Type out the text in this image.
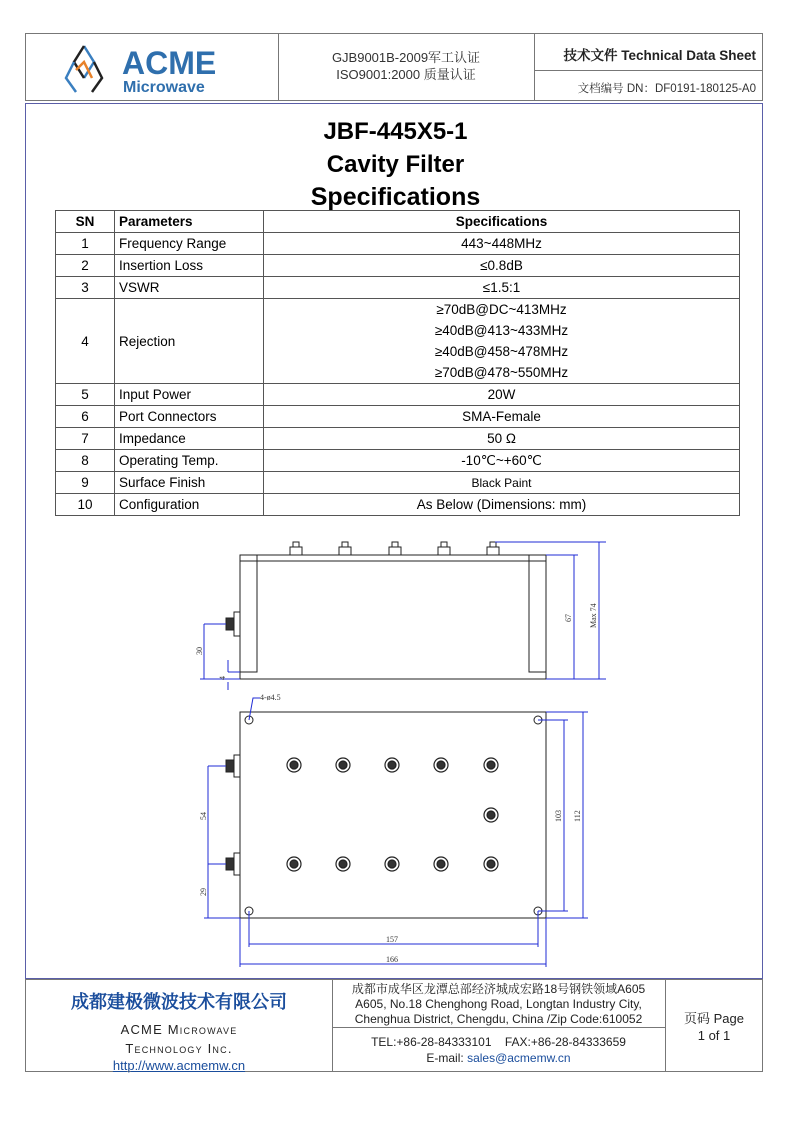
ACME
Microwave
GJB9001B-2009军工认证
ISO9001:2000 质量认证
技术文件 Technical Data Sheet
文档编号 DN：DF0191-180125-A0
JBF-445X5-1
Cavity Filter
Specifications
SN	Parameters	Specifications
1	Frequency Range	443~448MHz
2	Insertion Loss	≤0.8dB
3	VSWR	≤1.5:1
4	Rejection	≥70dB@DC~413MHz
≥40dB@413~433MHz
≥40dB@458~478MHz
≥70dB@478~550MHz

5	Input Power	20W
6	Port Connectors	SMA-Female
7	Impedance	50 Ω
8	Operating Temp.	-10℃~+60℃
9	Surface Finish	Black Paint
10	Configuration	As Below (Dimensions: mm)
67 Max 74
30
4
4-ø4.5
54
29
103 112
157
166
成都建极微波技术有限公司
ACME Microwave
Technology Inc.
http://www.acmemw.cn
成都市成华区龙潭总部经济城成宏路18号钢铁领域A605
A605, No.18 Chenghong Road, Longtan Industry City,
Chenghua District, Chengdu, China /Zip Code:610052
TEL:+86-28-84333101    FAX:+86-28-84333659
E-mail: sales@acmemw.cn
页码 Page
1 of 1
